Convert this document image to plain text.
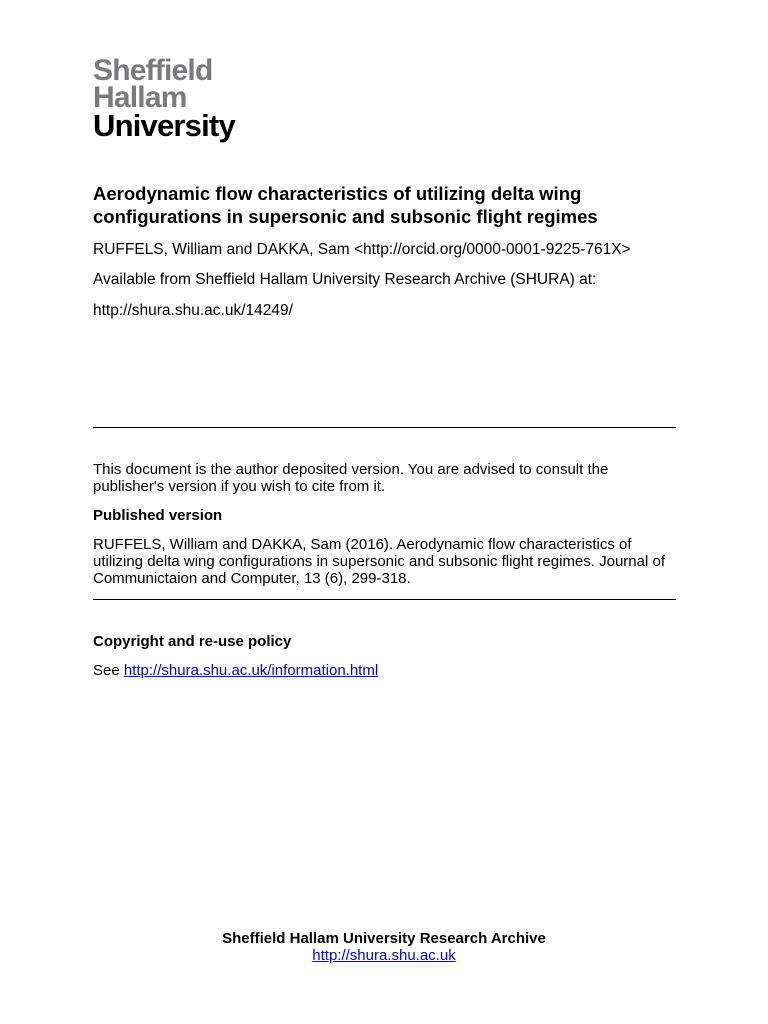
Sheffield
Hallam
University
Aerodynamic flow characteristics of utilizing delta wing configurations in supersonic and subsonic flight regimes
RUFFELS, William and DAKKA, Sam <http://orcid.org/0000-0001-9225-761X>
Available from Sheffield Hallam University Research Archive (SHURA) at:
http://shura.shu.ac.uk/14249/

This document is the author deposited version. You are advised to consult the publisher's version if you wish to cite from it.

Published version

RUFFELS, William and DAKKA, Sam (2016). Aerodynamic flow characteristics of utilizing delta wing configurations in supersonic and subsonic flight regimes. Journal of Communictaion and Computer, 13 (6), 299-318.

Copyright and re-use policy
See http://shura.shu.ac.uk/information.html
Sheffield Hallam University Research Archive
http://shura.shu.ac.uk
